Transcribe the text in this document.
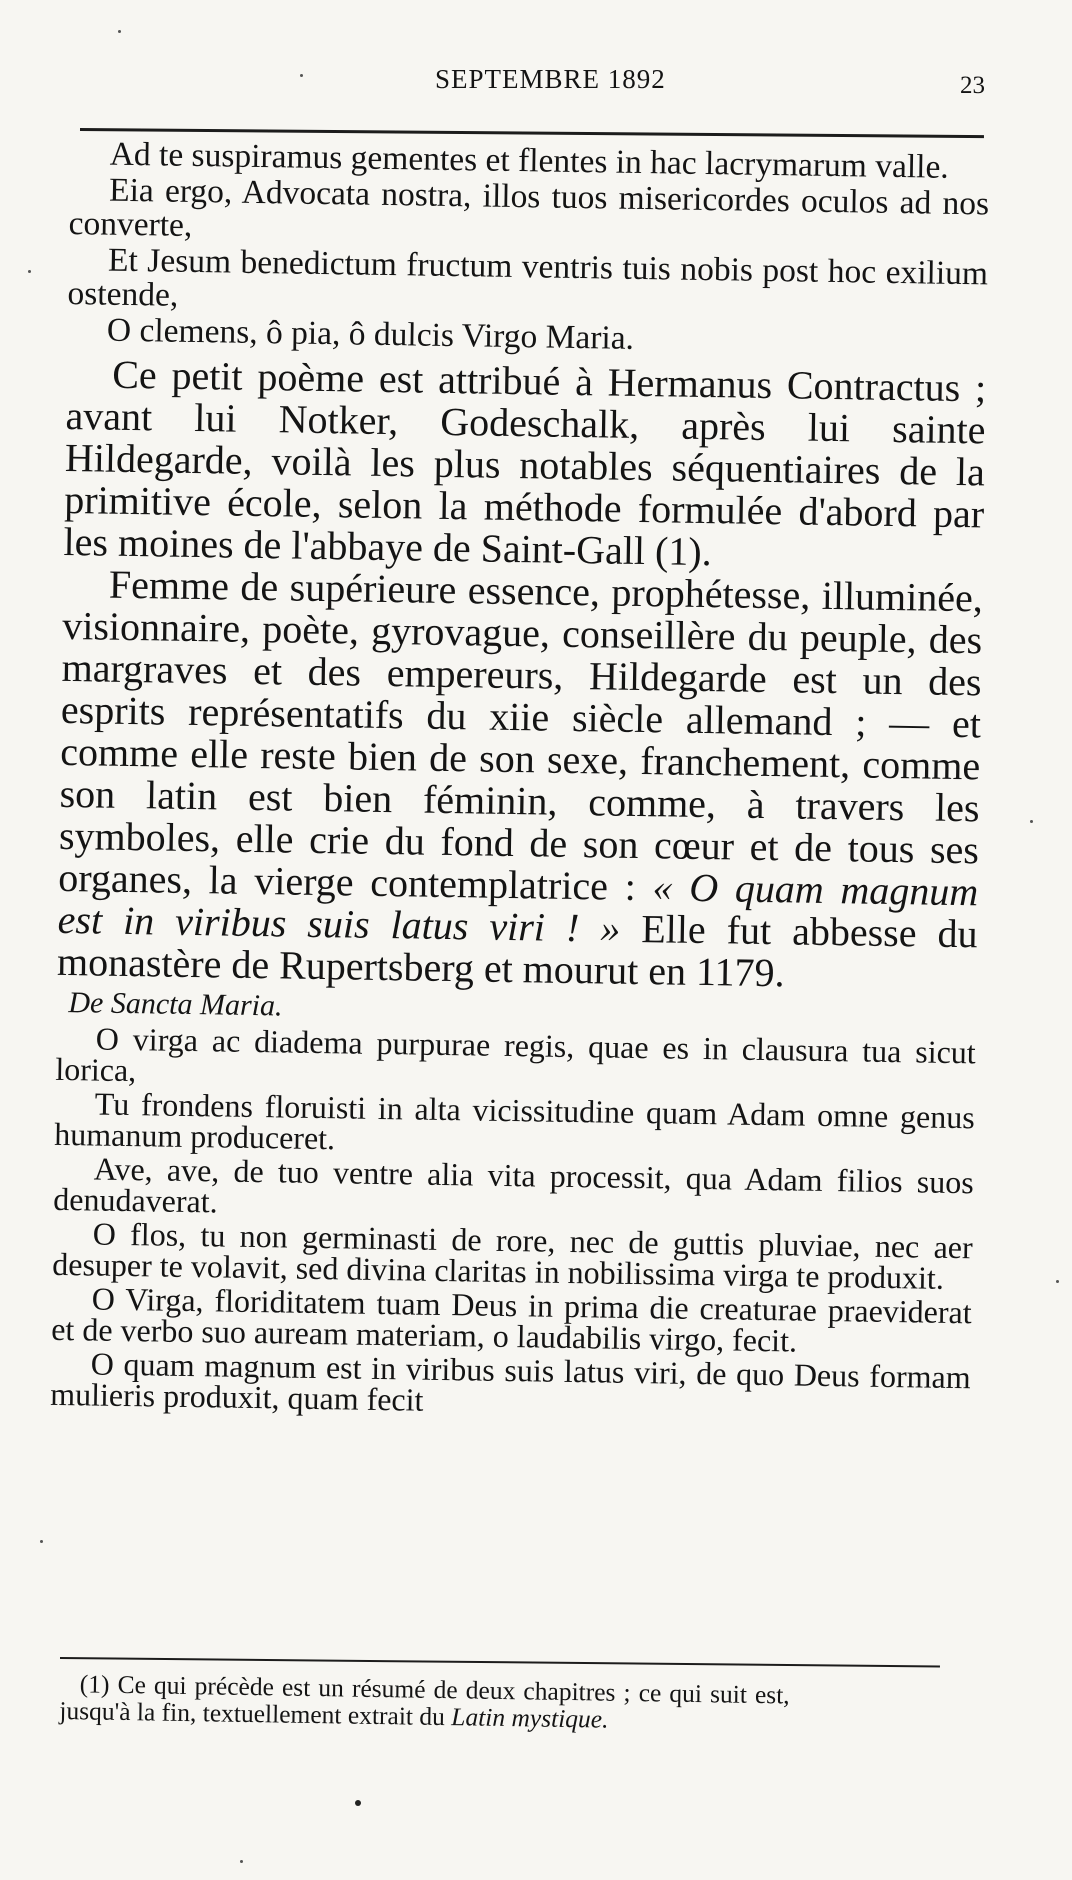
SEPTEMBRE 1892	23

Ad te suspiramus gementes et flentes in hac lacrymarum valle.

Eia ergo, Advocata nostra, illos tuos misericordes oculos ad nos converte,

Et Jesum benedictum fructum ventris tuis nobis post hoc exilium ostende,

O clemens, ô pia, ô dulcis Virgo Maria.

Ce petit poème est attribué à Hermanus Contractus ; avant lui Notker, Godeschalk, après lui sainte Hildegarde, voilà les plus notables séquentiaires de la primitive école, selon la méthode formulée d'abord par les moines de l'abbaye de Saint-Gall (1).

Femme de supérieure essence, prophétesse, illuminée, visionnaire, poète, gyrovague, conseillère du peuple, des margraves et des empereurs, Hildegarde est un des esprits représentatifs du xiie siècle allemand ; — et comme elle reste bien de son sexe, franchement, comme son latin est bien féminin, comme, à travers les symboles, elle crie du fond de son cœur et de tous ses organes, la vierge contemplatrice : « O quam magnum est in viribus suis latus viri ! » Elle fut abbesse du monastère de Rupertsberg et mourut en 1179.

De Sancta Maria.

O virga ac diadema purpurae regis, quae es in clausura tua sicut lorica,

Tu frondens floruisti in alta vicissitudine quam Adam omne genus humanum produceret.

Ave, ave, de tuo ventre alia vita processit, qua Adam filios suos denudaverat.

O flos, tu non germinasti de rore, nec de guttis pluviae, nec aer desuper te volavit, sed divina claritas in nobilissima virga te produxit.

O Virga, floriditatem tuam Deus in prima die creaturae praeviderat et de verbo suo auream materiam, o laudabilis virgo, fecit.

O quam magnum est in viribus suis latus viri, de quo Deus formam mulieris produxit, quam fecit

(1) Ce qui précède est un résumé de deux chapitres ; ce qui suit est, jusqu'à la fin, textuellement extrait du Latin mystique.
